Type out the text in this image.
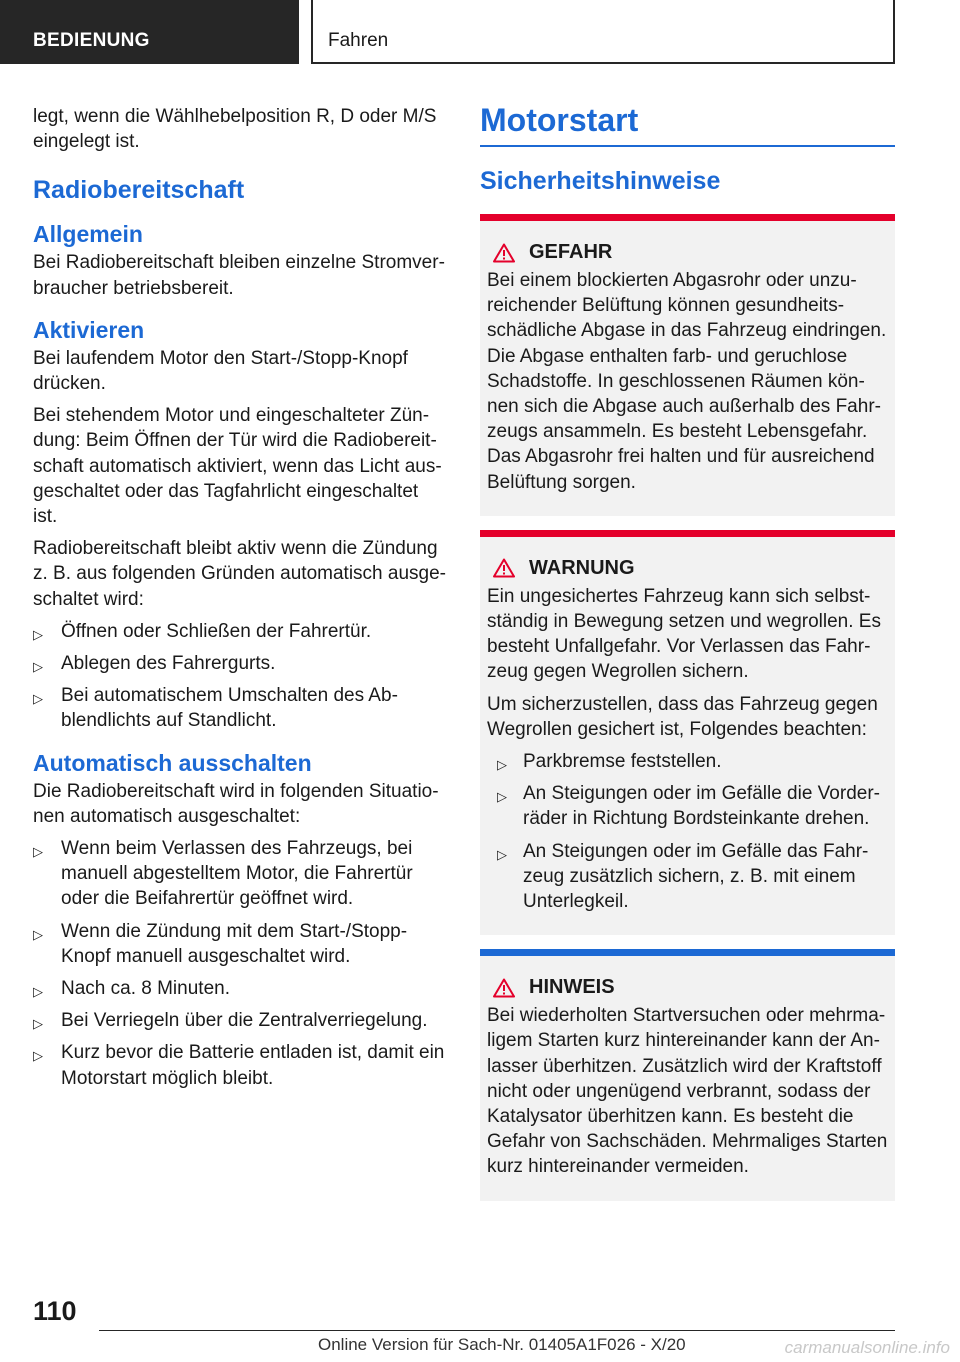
BEDIENUNG	Fahren

legt, wenn die Wählhebelposition R, D oder M/S eingelegt ist.

Radiobereitschaft
Allgemein

Bei Radiobereitschaft bleiben einzelne Stromverbraucher betriebsbereit.

Aktivieren

Bei laufendem Motor den Start-/Stopp-Knopf drücken.

Bei stehendem Motor und eingeschalteter Zündung: Beim Öffnen der Tür wird die Radiobereitschaft automatisch aktiviert, wenn das Licht ausgeschaltet oder das Tagfahrlicht eingeschaltet ist.

Radiobereitschaft bleibt aktiv wenn die Zündung z. B. aus folgenden Gründen automatisch ausgeschaltet wird:

▷ Öffnen oder Schließen der Fahrertür.
▷ Ablegen des Fahrergurts.
▷ Bei automatischem Umschalten des Abblendlichts auf Standlicht.
Automatisch ausschalten

Die Radiobereitschaft wird in folgenden Situationen automatisch ausgeschaltet:

▷ Wenn beim Verlassen des Fahrzeugs, bei manuell abgestelltem Motor, die Fahrertür oder die Beifahrertür geöffnet wird.
▷ Wenn die Zündung mit dem Start-/Stopp-Knopf manuell ausgeschaltet wird.
▷ Nach ca. 8 Minuten.
▷ Bei Verriegeln über die Zentralverriegelung.
▷ Kurz bevor die Batterie entladen ist, damit ein Motorstart möglich bleibt.
Motorstart
Sicherheitshinweise
GEFAHR

Bei einem blockierten Abgasrohr oder unzureichender Belüftung können gesundheitsschädliche Abgase in das Fahrzeug eindringen. Die Abgase enthalten farb- und geruchlose Schadstoffe. In geschlossenen Räumen können sich die Abgase auch außerhalb des Fahrzeugs ansammeln. Es besteht Lebensgefahr. Das Abgasrohr frei halten und für ausreichend Belüftung sorgen.

WARNUNG

Ein ungesichertes Fahrzeug kann sich selbstständig in Bewegung setzen und wegrollen. Es besteht Unfallgefahr. Vor Verlassen das Fahrzeug gegen Wegrollen sichern.

Um sicherzustellen, dass das Fahrzeug gegen Wegrollen gesichert ist, Folgendes beachten:

▷ Parkbremse feststellen.
▷ An Steigungen oder im Gefälle die Vorderräder in Richtung Bordsteinkante drehen.
▷ An Steigungen oder im Gefälle das Fahrzeug zusätzlich sichern, z. B. mit einem Unterlegkeil.
HINWEIS

Bei wiederholten Startversuchen oder mehrmaligem Starten kurz hintereinander kann der Anlasser überhitzen. Zusätzlich wird der Kraftstoff nicht oder ungenügend verbrannt, sodass der Katalysator überhitzen kann. Es besteht die Gefahr von Sachschäden. Mehrmaliges Starten kurz hintereinander vermeiden.

110
Online Version für Sach-Nr. 01405A1F026 - X/20	carmanualsonline.info
